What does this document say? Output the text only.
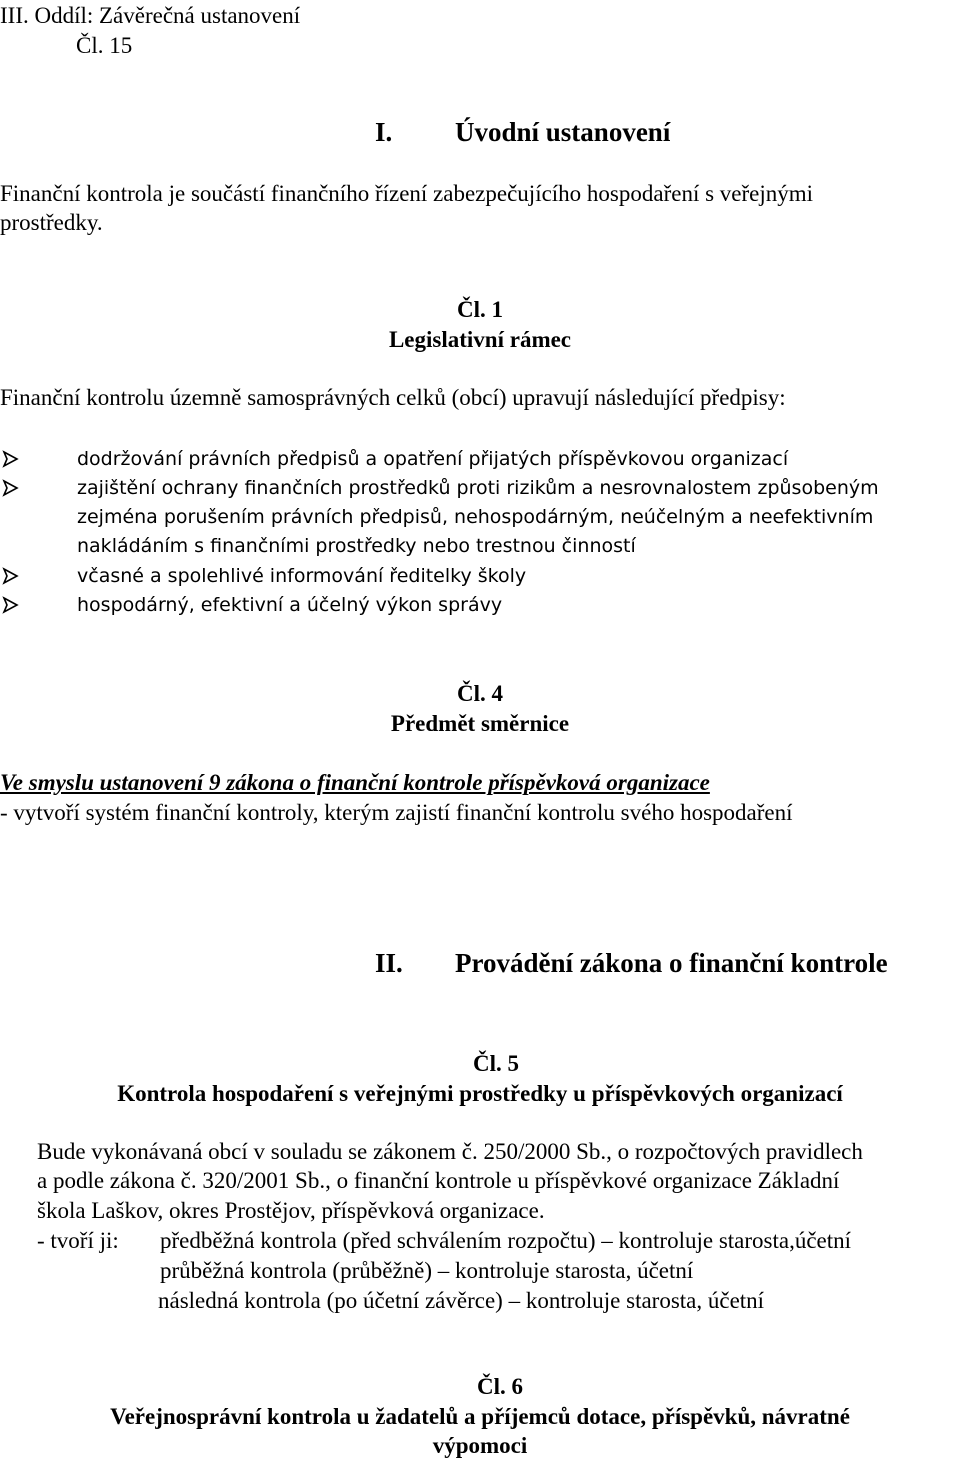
III. Oddíl: Závěrečná ustanovení
Čl. 15
I. Úvodní ustanovení
Finanční kontrola je součástí finančního řízení zabezpečujícího hospodaření s veřejnými
prostředky.
Čl. 1
Legislativní rámec
Finanční kontrolu územně samosprávných celků (obcí) upravují následující předpisy:
dodržování právních předpisů a opatření přijatých příspěvkovou organizací
zajištění ochrany finančních prostředků proti rizikům a nesrovnalostem způsobeným
zejména porušením právních předpisů, nehospodárným, neúčelným a neefektivním
nakládáním s finančními prostředky nebo trestnou činností
včasné a spolehlivé informování ředitelky školy
hospodárný, efektivní a účelný výkon správy
Čl. 4
Předmět směrnice
Ve smyslu ustanovení 9 zákona o finanční kontrole příspěvková organizace
- vytvoří systém finanční kontroly, kterým zajistí finanční kontrolu svého hospodaření
II. Provádění zákona o finanční kontrole
Čl. 5
Kontrola hospodaření s veřejnými prostředky u příspěvkových organizací
Bude vykonávaná obcí v souladu se zákonem č. 250/2000 Sb., o rozpočtových pravidlech
a podle zákona č. 320/2001 Sb., o finanční kontrole u příspěvkové organizace Základní
škola Laškov, okres Prostějov, příspěvková organizace.
- tvoří ji: předběžná kontrola (před schválením rozpočtu) – kontroluje starosta,účetní
průběžná kontrola (průběžně) – kontroluje starosta, účetní
následná kontrola (po účetní závěrce) – kontroluje starosta, účetní
Čl. 6
Veřejnosprávní kontrola u žadatelů a příjemců dotace, příspěvků, návratné
výpomoci
